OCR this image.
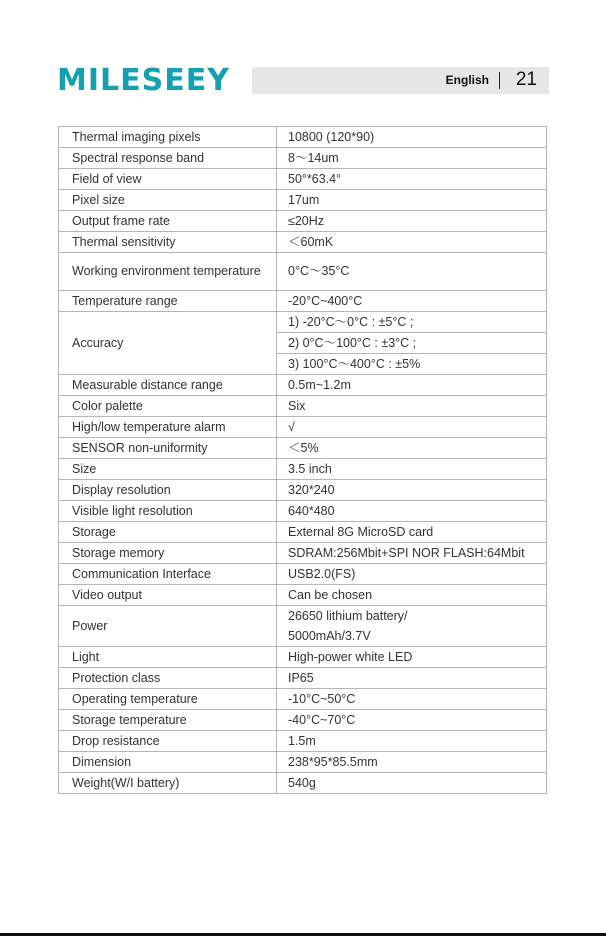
MILESEEY	English 21
Thermal imaging pixels	10800 (120*90)
Spectral response band	8～14um
Field of view	50°*63.4°
Pixel size	17um
Output frame rate	≤20Hz
Thermal sensitivity	＜60mK
Working environment temperature	0°C～35°C
Temperature range	-20°C~400°C
Accuracy	1) -20°C～0°C : ±5°C ;
	2) 0°C～100°C : ±3°C ;
	3) 100°C～400°C : ±5%
Measurable distance range	0.5m~1.2m
Color palette	Six
High/low temperature alarm	√
SENSOR non-uniformity	＜5%
Size	3.5 inch
Display resolution	320*240
Visible light resolution	640*480
Storage	External 8G MicroSD card
Storage memory	SDRAM:256Mbit+SPI NOR FLASH:64Mbit
Communication Interface	USB2.0(FS)
Video output	Can be chosen
Power	26650 lithium battery/
	5000mAh/3.7V
Light	High-power white LED
Protection class	IP65
Operating temperature	-10°C~50°C
Storage temperature	-40°C~70°C
Drop resistance	1.5m
Dimension	238*95*85.5mm
Weight(W/I battery)	540g
